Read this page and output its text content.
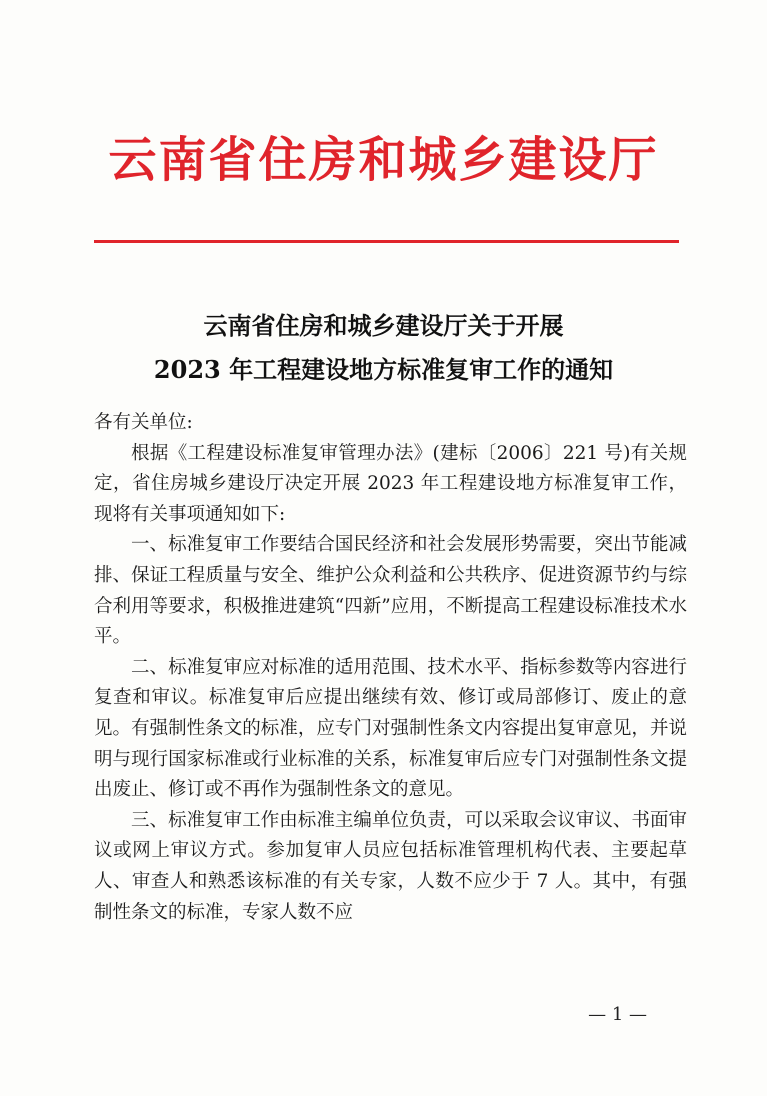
云南省住房和城乡建设厅
云南省住房和城乡建设厅关于开展
2023 年工程建设地方标准复审工作的通知

各有关单位:

根据《工程建设标准复审管理办法》(建标〔2006〕221 号)有关规定，省住房城乡建设厅决定开展 2023 年工程建设地方标准复审工作，现将有关事项通知如下:

一、标准复审工作要结合国民经济和社会发展形势需要，突出节能减排、保证工程质量与安全、维护公众利益和公共秩序、促进资源节约与综合利用等要求，积极推进建筑“四新”应用，不断提高工程建设标准技术水平。

二、标准复审应对标准的适用范围、技术水平、指标参数等内容进行复查和审议。标准复审后应提出继续有效、修订或局部修订、废止的意见。有强制性条文的标准，应专门对强制性条文内容提出复审意见，并说明与现行国家标准或行业标准的关系，标准复审后应专门对强制性条文提出废止、修订或不再作为强制性条文的意见。

三、标准复审工作由标准主编单位负责，可以采取会议审议、书面审议或网上审议方式。参加复审人员应包括标准管理机构代表、主要起草人、审查人和熟悉该标准的有关专家，人数不应少于 7 人。其中，有强制性条文的标准，专家人数不应

— 1 —
